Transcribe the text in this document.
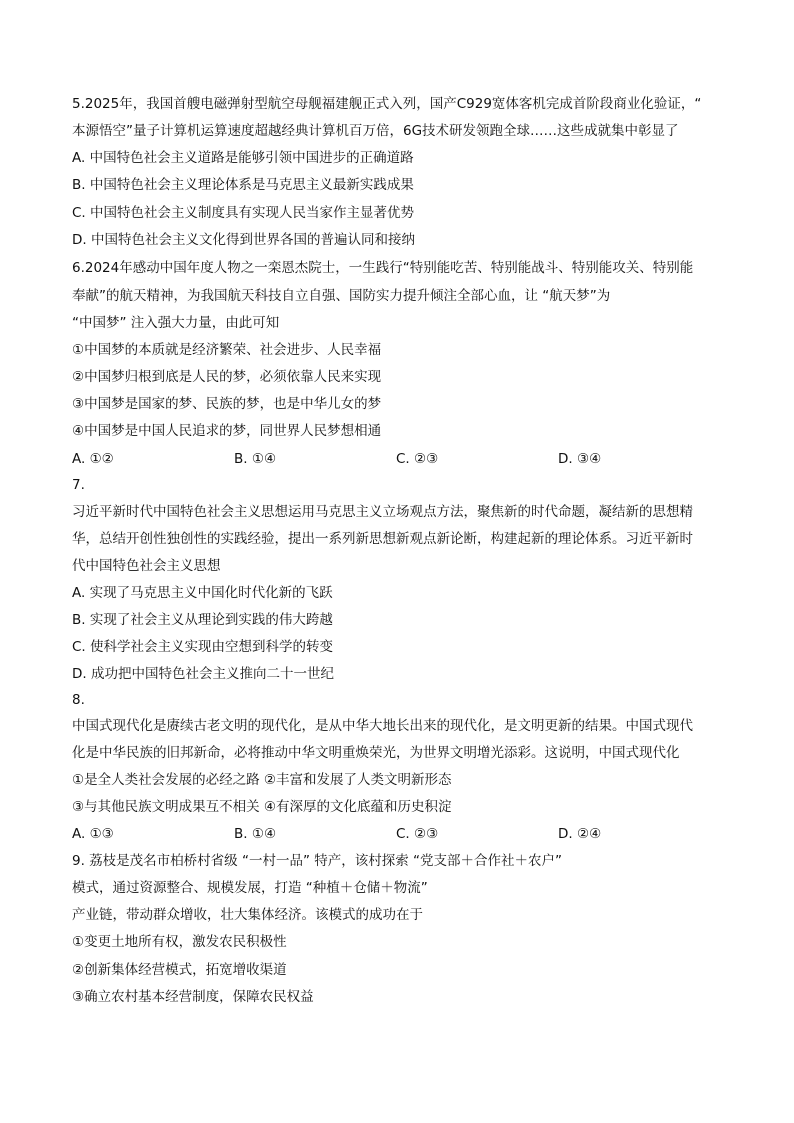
5.2025年，我国首艘电磁弹射型航空母舰福建舰正式入列，国产C929宽体客机完成首阶段商业化验证，“
本源悟空”量子计算机运算速度超越经典计算机百万倍，6G技术研发领跑全球……这些成就集中彰显了
A. 中国特色社会主义道路是能够引领中国进步的正确道路
B. 中国特色社会主义理论体系是马克思主义最新实践成果
C. 中国特色社会主义制度具有实现人民当家作主显著优势
D. 中国特色社会主义文化得到世界各国的普遍认同和接纳
6.2024年感动中国年度人物之一栾恩杰院士，一生践行“特别能吃苦、特别能战斗、特别能攻关、特别能
奉献”的航天精神，为我国航天科技自立自强、国防实力提升倾注全部心血，让 “航天梦”为
“中国梦” 注入强大力量，由此可知
①中国梦的本质就是经济繁荣、社会进步、人民幸福
②中国梦归根到底是人民的梦，必须依靠人民来实现
③中国梦是国家的梦、民族的梦，也是中华儿女的梦
④中国梦是中国人民追求的梦，同世界人民梦想相通
A. ①②	B. ①④	C. ②③	D. ③④
7.
习近平新时代中国特色社会主义思想运用马克思主义立场观点方法，聚焦新的时代命题，凝结新的思想精
华，总结开创性独创性的实践经验，提出一系列新思想新观点新论断，构建起新的理论体系。习近平新时
代中国特色社会主义思想
A. 实现了马克思主义中国化时代化新的飞跃
B. 实现了社会主义从理论到实践的伟大跨越
C. 使科学社会主义实现由空想到科学的转变
D. 成功把中国特色社会主义推向二十一世纪
8.
中国式现代化是赓续古老文明的现代化，是从中华大地长出来的现代化，是文明更新的结果。中国式现代
化是中华民族的旧邦新命，必将推动中华文明重焕荣光，为世界文明增光添彩。这说明，中国式现代化
①是全人类社会发展的必经之路 ②丰富和发展了人类文明新形态
③与其他民族文明成果互不相关 ④有深厚的文化底蕴和历史积淀
A. ①③	B. ①④	C. ②③	D. ②④
9. 荔枝是茂名市柏桥村省级 “一村一品” 特产，该村探索 “党支部＋合作社＋农户”
模式，通过资源整合、规模发展，打造 “种植＋仓储＋物流”
产业链，带动群众增收，壮大集体经济。该模式的成功在于
①变更土地所有权，激发农民积极性
②创新集体经营模式，拓宽增收渠道
③确立农村基本经营制度，保障农民权益
